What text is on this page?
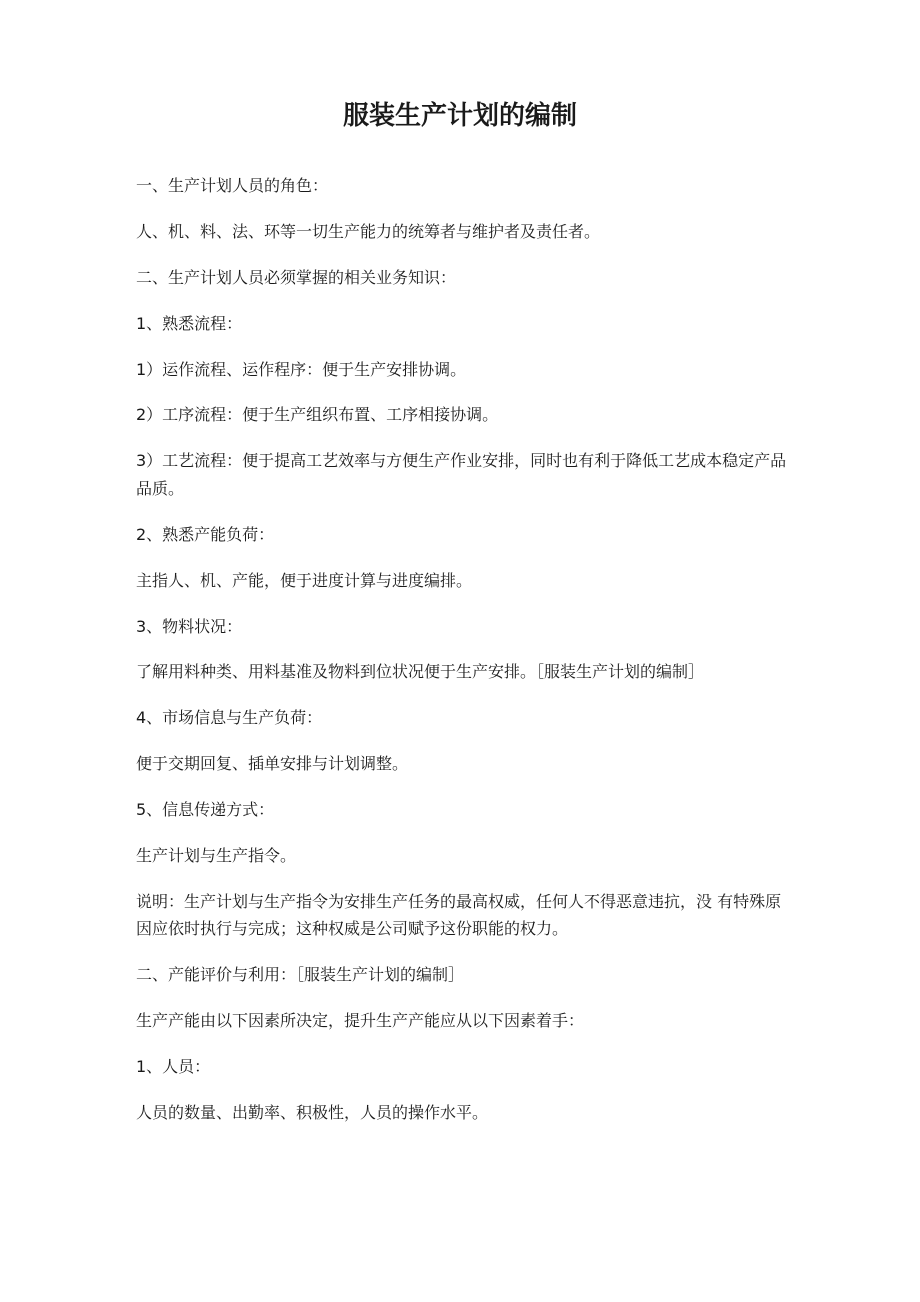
服装生产计划的编制

一、生产计划人员的角色：

人、机、料、法、环等一切生产能力的统筹者与维护者及责任者。

二、生产计划人员必须掌握的相关业务知识：

1、熟悉流程：

1）运作流程、运作程序：便于生产安排协调。

2）工序流程：便于生产组织布置、工序相接协调。

3）工艺流程：便于提高工艺效率与方便生产作业安排，同时也有利于降低工艺成本稳定产品品质。

2、熟悉产能负荷：

主指人、机、产能，便于进度计算与进度编排。

3、物料状况：

了解用料种类、用料基准及物料到位状况便于生产安排。［服装生产计划的编制］

4、市场信息与生产负荷：

便于交期回复、插单安排与计划调整。

5、信息传递方式：

生产计划与生产指令。

说明：生产计划与生产指令为安排生产任务的最高权威，任何人不得恶意违抗，没 有特殊原因应依时执行与完成；这种权威是公司赋予这份职能的权力。

二、产能评价与利用：［服装生产计划的编制］

生产产能由以下因素所决定，提升生产产能应从以下因素着手：

1、人员：

人员的数量、出勤率、积极性，人员的操作水平。
